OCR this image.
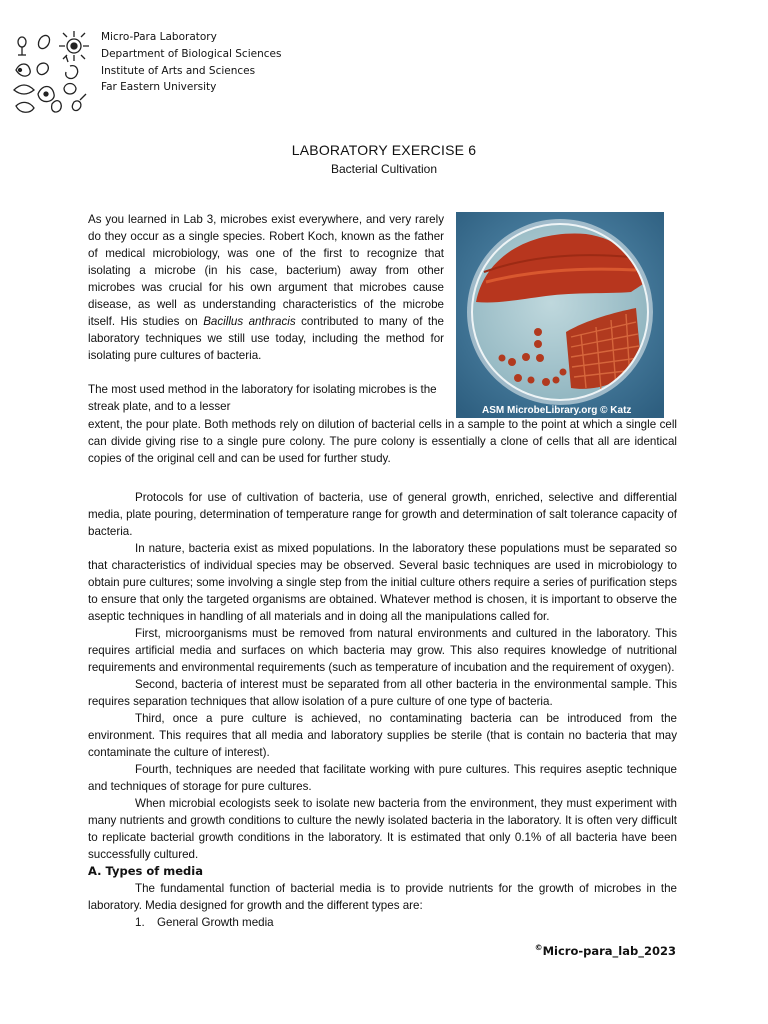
Micro-Para Laboratory
Department of Biological Sciences
Institute of Arts and Sciences
Far Eastern University
LABORATORY EXERCISE 6
Bacterial Cultivation
ASM MicrobeLibrary.org © Katz

As you learned in Lab 3, microbes exist everywhere, and very rarely do they occur as a single species. Robert Koch, known as the father of medical microbiology, was one of the first to recognize that isolating a microbe (in his case, bacterium) away from other microbes was crucial for his own argument that microbes cause disease, as well as understanding characteristics of the microbe itself. His studies on Bacillus anthracis contributed to many of the laboratory techniques we still use today, including the method for isolating pure cultures of bacteria.

The most used method in the laboratory for isolating microbes is the streak plate, and to a lesser

extent, the pour plate. Both methods rely on dilution of bacterial cells in a sample to the point at which a single cell can divide giving rise to a single pure colony. The pure colony is essentially a clone of cells that all are identical copies of the original cell and can be used for further study.

Protocols for use of cultivation of bacteria, use of general growth, enriched, selective and differential media, plate pouring, determination of temperature range for growth and determination of salt tolerance capacity of bacteria.

In nature, bacteria exist as mixed populations. In the laboratory these populations must be separated so that characteristics of individual species may be observed. Several basic techniques are used in microbiology to obtain pure cultures; some involving a single step from the initial culture others require a series of purification steps to ensure that only the targeted organisms are obtained. Whatever method is chosen, it is important to observe the aseptic techniques in handling of all materials and in doing all the manipulations called for.

First, microorganisms must be removed from natural environments and cultured in the laboratory. This requires artificial media and surfaces on which bacteria may grow. This also requires knowledge of nutritional requirements and environmental requirements (such as temperature of incubation and the requirement of oxygen).

Second, bacteria of interest must be separated from all other bacteria in the environmental sample. This requires separation techniques that allow isolation of a pure culture of one type of bacteria.

Third, once a pure culture is achieved, no contaminating bacteria can be introduced from the environment. This requires that all media and laboratory supplies be sterile (that is contain no bacteria that may contaminate the culture of interest).

Fourth, techniques are needed that facilitate working with pure cultures. This requires aseptic technique and techniques of storage for pure cultures.

When microbial ecologists seek to isolate new bacteria from the environment, they must experiment with many nutrients and growth conditions to culture the newly isolated bacteria in the laboratory. It is often very difficult to replicate bacterial growth conditions in the laboratory. It is estimated that only 0.1% of all bacteria have been successfully cultured.

A. Types of media

The fundamental function of bacterial media is to provide nutrients for the growth of microbes in the laboratory. Media designed for growth and the different types are:

1. General Growth media

©Micro-para_lab_2023
